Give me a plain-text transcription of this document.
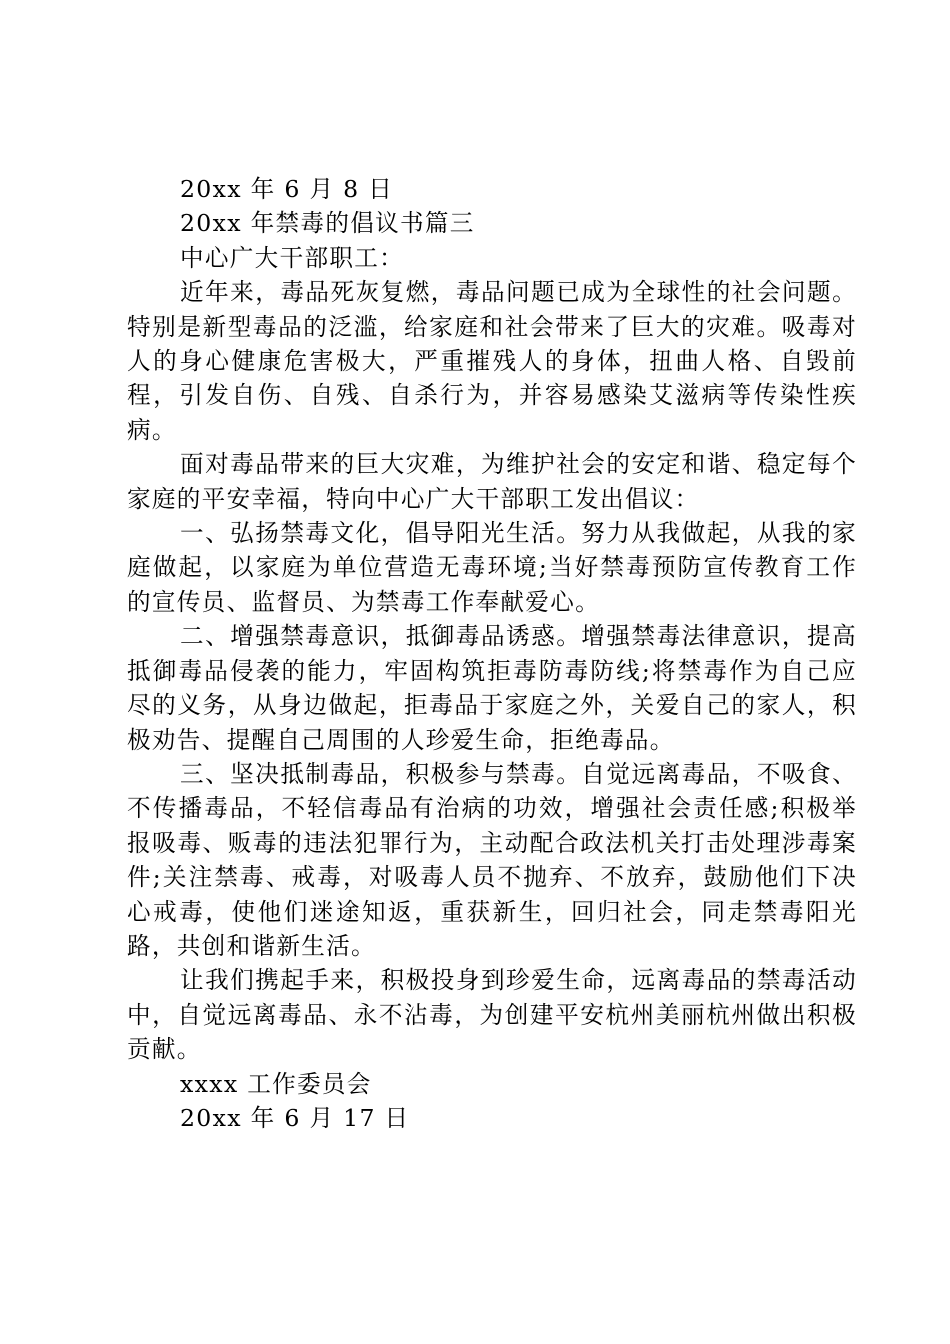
20xx 年 6 月 8 日
20xx 年禁毒的倡议书篇三
中心广大干部职工：

近年来，毒品死灰复燃，毒品问题已成为全球性的社会问题。特别是新型毒品的泛滥，给家庭和社会带来了巨大的灾难。吸毒对人的身心健康危害极大，严重摧残人的身体，扭曲人格、自毁前程，引发自伤、自残、自杀行为，并容易感染艾滋病等传染性疾病。

面对毒品带来的巨大灾难，为维护社会的安定和谐、稳定每个家庭的平安幸福，特向中心广大干部职工发出倡议：

一、弘扬禁毒文化，倡导阳光生活。努力从我做起，从我的家庭做起，以家庭为单位营造无毒环境;当好禁毒预防宣传教育工作的宣传员、监督员、为禁毒工作奉献爱心。

二、增强禁毒意识，抵御毒品诱惑。增强禁毒法律意识，提高抵御毒品侵袭的能力，牢固构筑拒毒防毒防线;将禁毒作为自己应尽的义务，从身边做起，拒毒品于家庭之外，关爱自己的家人，积极劝告、提醒自己周围的人珍爱生命，拒绝毒品。

三、坚决抵制毒品，积极参与禁毒。自觉远离毒品，不吸食、不传播毒品，不轻信毒品有治病的功效，增强社会责任感;积极举报吸毒、贩毒的违法犯罪行为，主动配合政法机关打击处理涉毒案件;关注禁毒、戒毒，对吸毒人员不抛弃、不放弃，鼓励他们下决心戒毒，使他们迷途知返，重获新生，回归社会，同走禁毒阳光路，共创和谐新生活。

让我们携起手来，积极投身到珍爱生命，远离毒品的禁毒活动中，自觉远离毒品、永不沾毒，为创建平安杭州美丽杭州做出积极贡献。

xxxx 工作委员会
20xx 年 6 月 17 日
